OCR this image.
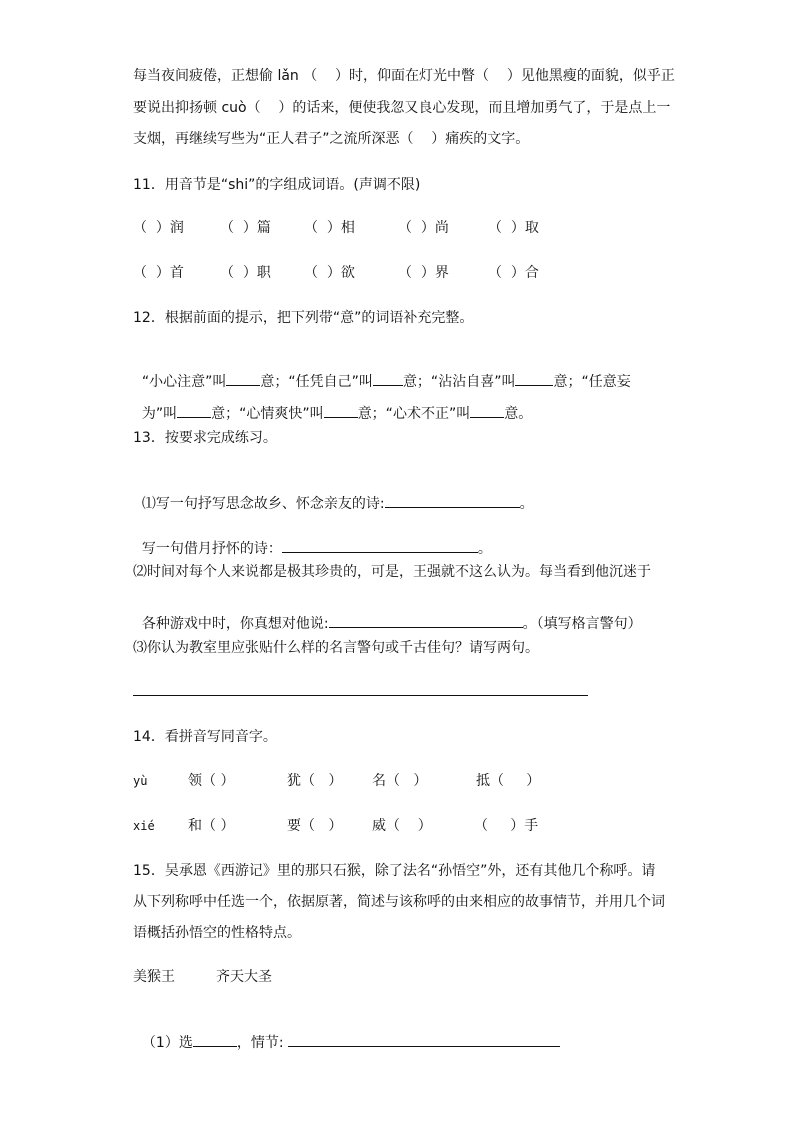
每当夜间疲倦，正想偷 lǎn （    ）时，仰面在灯光中瞥（    ）见他黑瘦的面貌，似乎正
要说出抑扬顿 cuò（    ）的话来，便使我忽又良心发现，而且增加勇气了，于是点上一
支烟，再继续写些为“正人君子”之流所深恶（    ）痛疾的文字。
11．用音节是“shi”的字组成词语。(声调不限)
（  ）润	（  ）篇 （  ）相	（  ）尚	（  ）取
（  ）首	（  ）职 （  ）欲	（  ）界	（  ）合
12．根据前面的提示，把下列带“意”的词语补充完整。

“小心注意”叫 意；“任凭自己”叫 意；“沾沾自喜”叫	意；“任意妄

为”叫 意；“心情爽快”叫 意；“心术不正”叫 意。

13．按要求完成练习。

⑴写一句抒写思念故乡、怀念亲友的诗:	。

写一句借月抒怀的诗：	。

⑵时间对每个人来说都是极其珍贵的，可是，王强就不这么认为。每当看到他沉迷于

各种游戏中时，你真想对他说:	。（填写格言警句）

⑶你认为教室里应张贴什么样的名言警句或千古佳句？请写两句。
14．看拼音写同音字。
yù	领（ ）	犹（   ） 名（   ）	抵（     ）
xié 和（ ）	要（   ） 威（    ）	（     ）手
15．吴承恩《西游记》里的那只石猴，除了法名“孙悟空”外，还有其他几个称呼。请
从下列称呼中任选一个，依据原著，简述与该称呼的由来相应的故事情节，并用几个词
语概括孙悟空的性格特点。
美猴王	齐天大圣

（1）选	，情节:
